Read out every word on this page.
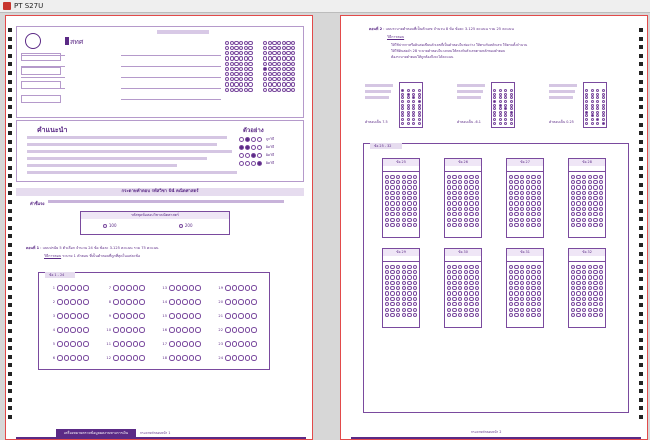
PT S27U
สทศ
คำแนะนำ	ตัวอย่าง
ถูกวิธี
ผิดวิธี
ผิดวิธี
ผิดวิธี
กระดาษคำตอบ รหัสวิชา 04 คณิตศาสตร์
คำชี้แจง
รหัสชุดข้อสอบวิชาคณิตศาสตร์
100	200
ตอนที่ 1 : แบบปรนัย 5 ตัวเลือก จำนวน 24 ข้อ ข้อละ 3.125 คะแนน รวม 75 คะแนน
วิธีการตอบ ระบาย 1 คำตอบ ที่เป็นคำตอบที่ถูกที่สุดในแต่ละข้อ
ข้อ 1 - 24
1	7	13	19
2	8	14	20
3	9	15	21
4	10	16	22
5	11	17	23
6	12	18	24
เครื่องหมายตรวจข้อมูลผลงานทางการเงิน	กระดาษคำตอบหน้า 1
ตอนที่ 2 : แบบระบายคำตอบที่เป็นตัวเลข จำนวน 8 ข้อ ข้อละ 3.125 คะแนน รวม 25 คะแนน
วิธีการตอบ
ให้ใช้ปากกาหรือดินสอเขียนตัวเลขที่เป็นคำตอบในช่องว่าง ให้ตรงกับหลักเลข ให้ครบทั้งจำนวน
ให้ใช้ดินสอดำ 2B ระบายคำตอบในวงกลมให้ตรงกับตัวเลขตามหลักของคำตอบ
ต้องระบายคำตอบให้ถูกต้องจึงจะได้คะแนน
คำตอบเป็น 7.5	คำตอบเป็น -6.1	คำตอบเป็น 0.25
ข้อ 25 - 32
ข้อ 25	ข้อ 26	ข้อ 27	ข้อ 28
ข้อ 29	ข้อ 30	ข้อ 31	ข้อ 32
กระดาษคำตอบหน้า 2
